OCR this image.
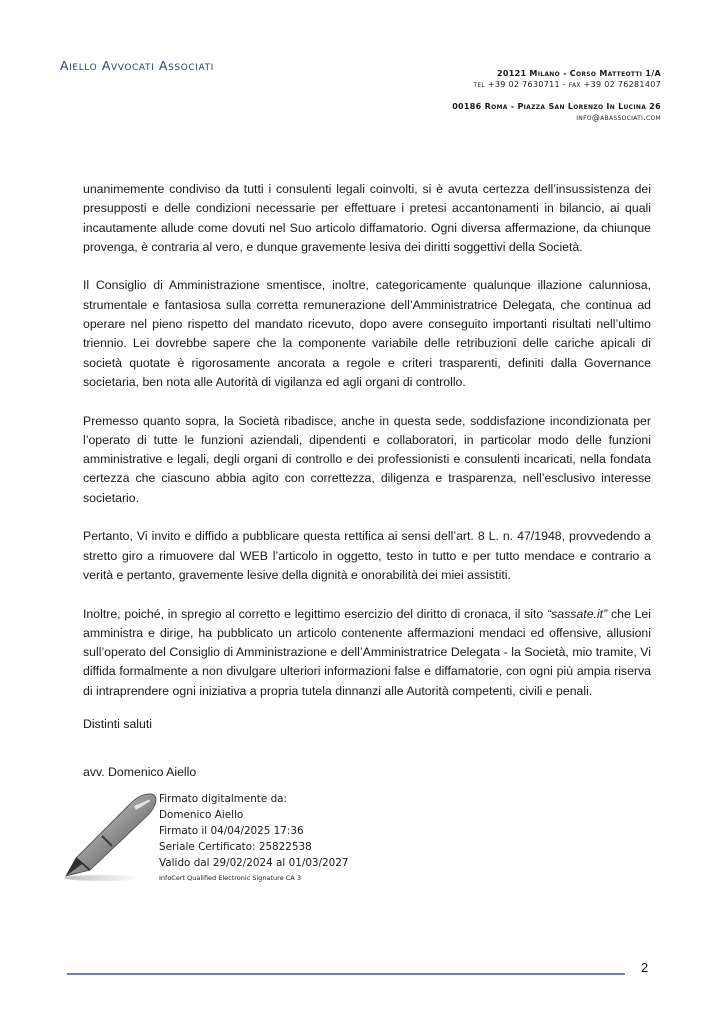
Aiello Avvocati Associati
20121 Milano - Corso Matteotti 1/A
tel +39 02 7630711 - fax +39 02 76281407
00186 Roma - Piazza San Lorenzo In Lucina 26
info@abassociati.com

unanimemente condiviso da tutti i consulenti legali coinvolti, si è avuta certezza dell’insussistenza dei presupposti e delle condizioni necessarie per effettuare i pretesi accantonamenti in bilancio, ai quali incautamente allude come dovuti nel Suo articolo diffamatorio. Ogni diversa affermazione, da chiunque provenga, è contraria al vero, e dunque gravemente lesiva dei diritti soggettivi della Società.

Il Consiglio di Amministrazione smentisce, inoltre, categoricamente qualunque illazione calunniosa, strumentale e fantasiosa sulla corretta remunerazione dell’Amministratrice Delegata, che continua ad operare nel pieno rispetto del mandato ricevuto, dopo avere conseguito importanti risultati nell’ultimo triennio. Lei dovrebbe sapere che la componente variabile delle retribuzioni delle cariche apicali di società quotate è rigorosamente ancorata a regole e criteri trasparenti, definiti dalla Governance societaria, ben nota alle Autorità di vigilanza ed agli organi di controllo.

Premesso quanto sopra, la Società ribadisce, anche in questa sede, soddisfazione incondizionata per l’operato di tutte le funzioni aziendali, dipendenti e collaboratori, in particolar modo delle funzioni amministrative e legali, degli organi di controllo e dei professionisti e consulenti incaricati, nella fondata certezza che ciascuno abbia agito con correttezza, diligenza e trasparenza, nell’esclusivo interesse societario.

Pertanto, Vi invito e diffido a pubblicare questa rettifica ai sensi dell’art. 8 L. n. 47/1948, provvedendo a stretto giro a rimuovere dal WEB l’articolo in oggetto, testo in tutto e per tutto mendace e contrario a verità e pertanto, gravemente lesive della dignità e onorabilità dei miei assistiti.

Inoltre, poiché, in spregio al corretto e legittimo esercizio del diritto di cronaca, il sito “sassate.it” che Lei amministra e dirige, ha pubblicato un articolo contenente affermazioni mendaci ed offensive, allusioni sull’operato del Consiglio di Amministrazione e dell’Amministratrice Delegata - la Società, mio tramite, Vi diffida formalmente a non divulgare ulteriori informazioni false e diffamatorie, con ogni più ampia riserva di intraprendere ogni iniziativa a propria tutela dinnanzi alle Autorità competenti, civili e penali.

Distinti saluti
avv. Domenico Aiello
Firmato digitalmente da:
Domenico Aiello
Firmato il 04/04/2025 17:36
Seriale Certificato: 25822538
Valido dal 29/02/2024 al 01/03/2027
InfoCert Qualified Electronic Signature CA 3
2
